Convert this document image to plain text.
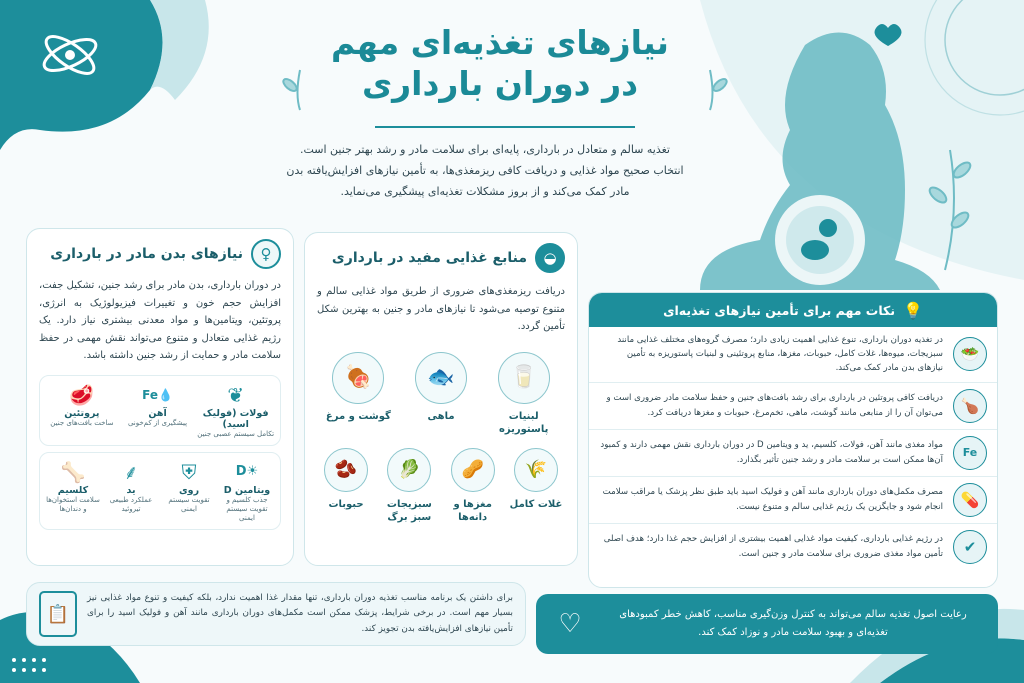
نیازهای تغذیه‌ای مهم
در دوران بارداری
تغذیه سالم و متعادل در بارداری، پایه‌ای برای سلامت مادر و رشد بهتر جنین است.
انتخاب صحیح مواد غذایی و دریافت کافی ریزمغذی‌ها، به تأمین نیازهای افزایش‌یافته بدن
مادر کمک می‌کند و از بروز مشکلات تغذیه‌ای پیشگیری می‌نماید.
♀
نیازهای بدن مادر در بارداری
در دوران بارداری، بدن مادر برای رشد جنین، تشکیل جفت، افزایش حجم خون و تغییرات فیزیولوژیک به انرژی، پروتئین، ویتامین‌ها و مواد معدنی بیشتری نیاز دارد. یک رژیم غذایی متعادل و متنوع می‌تواند نقش مهمی در حفظ سلامت مادر و حمایت از رشد جنین داشته باشد.
❦
فولات (فولیک اسید)
تکامل سیستم عصبی جنین
💧Fe
آهن
پیشگیری از کم‌خونی
🥩
پروتئین
ساخت بافت‌های جنین
☀D
ویتامین D
جذب کلسیم و تقویت سیستم ایمنی
⛨
روی
تقویت سیستم ایمنی
⸙
ید
عملکرد طبیعی تیروئید
🦴
کلسیم
سلامت استخوان‌ها و دندان‌ها
◒
منابع غذایی مفید در بارداری
دریافت ریزمغذی‌های ضروری از طریق مواد غذایی سالم و متنوع توصیه می‌شود تا نیازهای مادر و جنین به بهترین شکل تأمین گردد.
🥛
لبنیات پاستوریزه
🐟
ماهی
🍖
گوشت و مرغ
🌾
غلات کامل
🥜
مغزها و دانه‌ها
🥬
سبزیجات سبز برگ
🫘
حبوبات
💡
نکات مهم برای تأمین نیازهای تغذیه‌ای
🥗
در تغذیه دوران بارداری، تنوع غذایی اهمیت زیادی دارد؛ مصرف گروه‌های مختلف غذایی مانند سبزیجات، میوه‌ها، غلات کامل، حبوبات، مغزها، منابع پروتئینی و لبنیات پاستوریزه به تأمین نیازهای بدن مادر کمک می‌کند.
🍗
دریافت کافی پروتئین در بارداری برای رشد بافت‌های جنین و حفظ سلامت مادر ضروری است و می‌توان آن را از منابعی مانند گوشت، ماهی، تخم‌مرغ، حبوبات و مغزها دریافت کرد.
Fe
مواد مغذی مانند آهن، فولات، کلسیم، ید و ویتامین D در دوران بارداری نقش مهمی دارند و کمبود آن‌ها ممکن است بر سلامت مادر و رشد جنین تأثیر بگذارد.
💊
مصرف مکمل‌های دوران بارداری مانند آهن و فولیک اسید باید طبق نظر پزشک یا مراقب سلامت انجام شود و جایگزین یک رژیم غذایی سالم و متنوع نیست.
✔
در رژیم غذایی بارداری، کیفیت مواد غذایی اهمیت بیشتری از افزایش حجم غذا دارد؛ هدف اصلی تأمین مواد مغذی ضروری برای سلامت مادر و جنین است.
برای داشتن یک برنامه مناسب تغذیه دوران بارداری، تنها مقدار غذا اهمیت ندارد، بلکه کیفیت و تنوع مواد غذایی نیز بسیار مهم است. در برخی شرایط، پزشک ممکن است مکمل‌های دوران بارداری مانند آهن و فولیک اسید را برای تأمین نیازهای افزایش‌یافته بدن تجویز کند.
📋	رعایت اصول تغذیه سالم می‌تواند به کنترل وزن‌گیری مناسب، کاهش خطر کمبودهای تغذیه‌ای و بهبود سلامت مادر و نوزاد کمک کند.
♡
